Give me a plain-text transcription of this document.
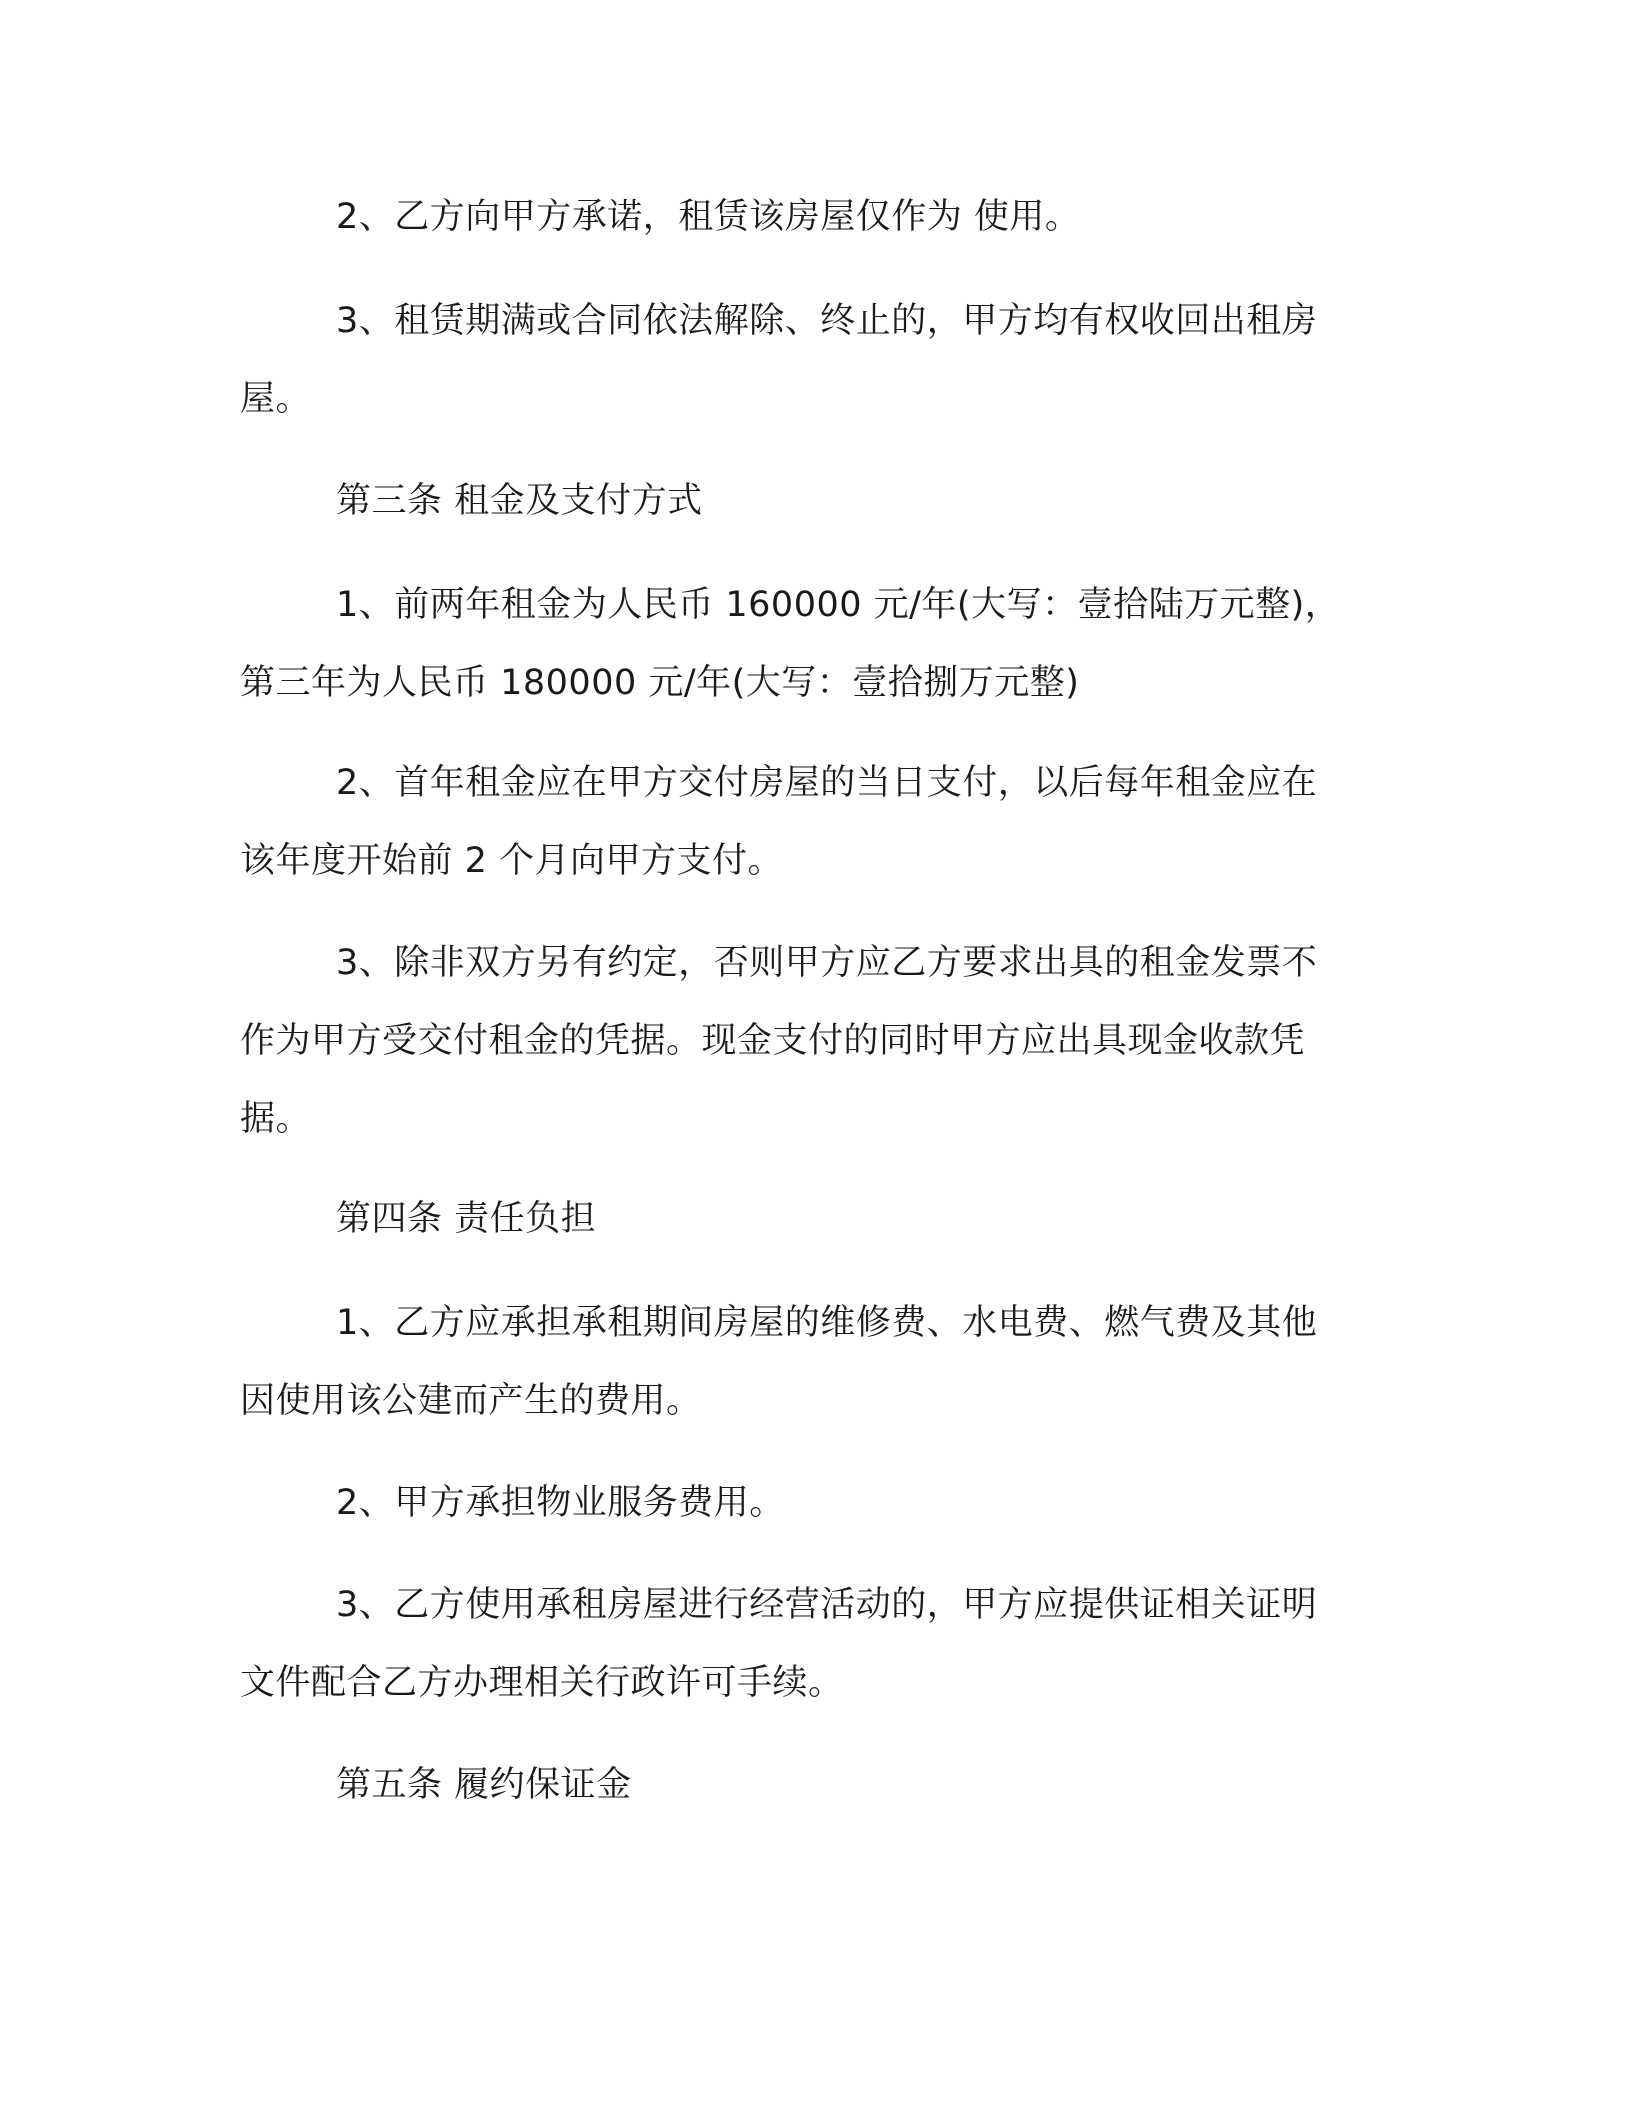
2、乙方向甲方承诺，租赁该房屋仅作为 使用。

3、租赁期满或合同依法解除、终止的，甲方均有权收回出租房
屋。

第三条 租金及支付方式

1、前两年租金为人民币 160000 元/年(大写：壹拾陆万元整)，
第三年为人民币 180000 元/年(大写：壹拾捌万元整)

2、首年租金应在甲方交付房屋的当日支付，以后每年租金应在
该年度开始前 2 个月向甲方支付。

3、除非双方另有约定，否则甲方应乙方要求出具的租金发票不
作为甲方受交付租金的凭据。现金支付的同时甲方应出具现金收款凭
据。

第四条 责任负担

1、乙方应承担承租期间房屋的维修费、水电费、燃气费及其他
因使用该公建而产生的费用。

2、甲方承担物业服务费用。

3、乙方使用承租房屋进行经营活动的，甲方应提供证相关证明
文件配合乙方办理相关行政许可手续。

第五条 履约保证金
